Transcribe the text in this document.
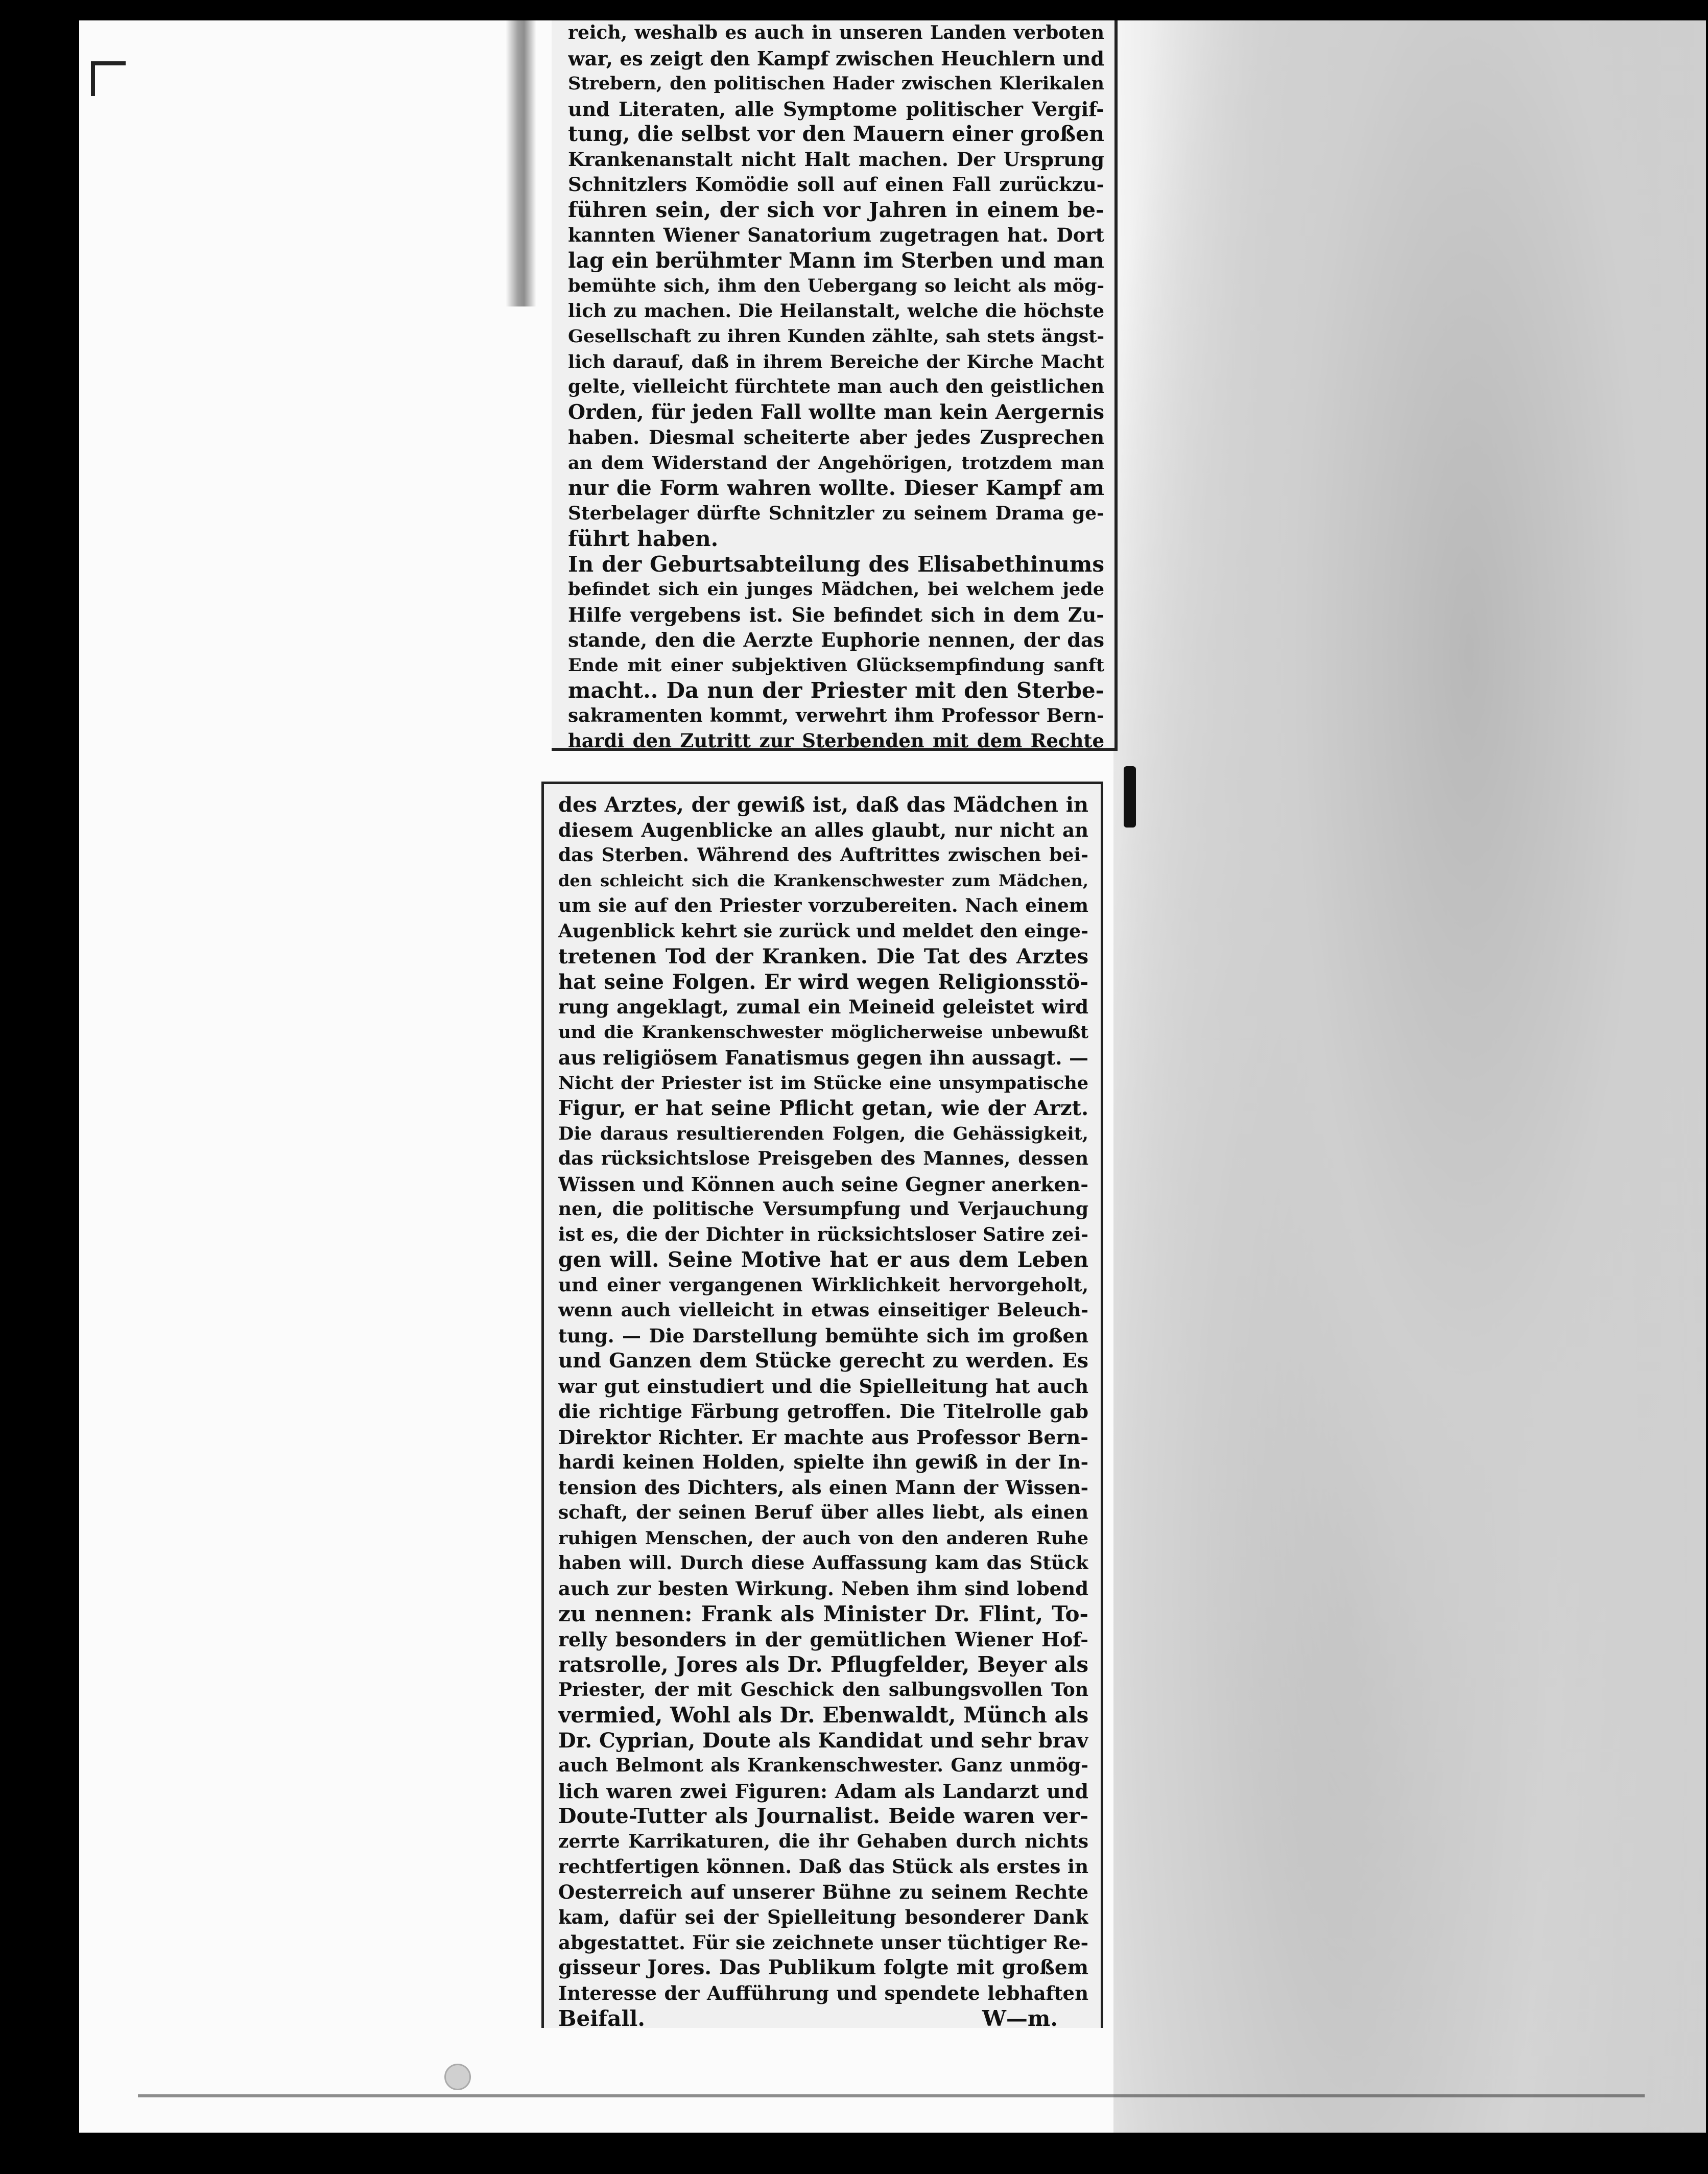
reich, weshalb es auch in unseren Landen verboten
war, es zeigt den Kampf zwischen Heuchlern und
Strebern, den politischen Hader zwischen Klerikalen
und Literaten, alle Symptome politischer Vergif-
tung, die selbst vor den Mauern einer großen
Krankenanstalt nicht Halt machen. Der Ursprung
Schnitzlers Komödie soll auf einen Fall zurückzu-
führen sein, der sich vor Jahren in einem be-
kannten Wiener Sanatorium zugetragen hat. Dort
lag ein berühmter Mann im Sterben und man
bemühte sich, ihm den Uebergang so leicht als mög-
lich zu machen. Die Heilanstalt, welche die höchste
Gesellschaft zu ihren Kunden zählte, sah stets ängst-
lich darauf, daß in ihrem Bereiche der Kirche Macht
gelte, vielleicht fürchtete man auch den geistlichen
Orden, für jeden Fall wollte man kein Aergernis
haben. Diesmal scheiterte aber jedes Zusprechen
an dem Widerstand der Angehörigen, trotzdem man
nur die Form wahren wollte. Dieser Kampf am
Sterbelager dürfte Schnitzler zu seinem Drama ge-
führt haben.
In der Geburtsabteilung des Elisabethinums
befindet sich ein junges Mädchen, bei welchem jede
Hilfe vergebens ist. Sie befindet sich in dem Zu-
stande, den die Aerzte Euphorie nennen, der das
Ende mit einer subjektiven Glücksempfindung sanft
macht.. Da nun der Priester mit den Sterbe-
sakramenten kommt, verwehrt ihm Professor Bern-
hardi den Zutritt zur Sterbenden mit dem Rechte
des Arztes, der gewiß ist, daß das Mädchen in
diesem Augenblicke an alles glaubt, nur nicht an
das Sterben. Während des Auftrittes zwischen bei-
den schleicht sich die Krankenschwester zum Mädchen,
um sie auf den Priester vorzubereiten. Nach einem
Augenblick kehrt sie zurück und meldet den einge-
tretenen Tod der Kranken. Die Tat des Arztes
hat seine Folgen. Er wird wegen Religionsstö-
rung angeklagt, zumal ein Meineid geleistet wird
und die Krankenschwester möglicherweise unbewußt
aus religiösem Fanatismus gegen ihn aussagt. —
Nicht der Priester ist im Stücke eine unsympatische
Figur, er hat seine Pflicht getan, wie der Arzt.
Die daraus resultierenden Folgen, die Gehässigkeit,
das rücksichtslose Preisgeben des Mannes, dessen
Wissen und Können auch seine Gegner anerken-
nen, die politische Versumpfung und Verjauchung
ist es, die der Dichter in rücksichtsloser Satire zei-
gen will. Seine Motive hat er aus dem Leben
und einer vergangenen Wirklichkeit hervorgeholt,
wenn auch vielleicht in etwas einseitiger Beleuch-
tung. — Die Darstellung bemühte sich im großen
und Ganzen dem Stücke gerecht zu werden. Es
war gut einstudiert und die Spielleitung hat auch
die richtige Färbung getroffen. Die Titelrolle gab
Direktor Richter. Er machte aus Professor Bern-
hardi keinen Holden, spielte ihn gewiß in der In-
tension des Dichters, als einen Mann der Wissen-
schaft, der seinen Beruf über alles liebt, als einen
ruhigen Menschen, der auch von den anderen Ruhe
haben will. Durch diese Auffassung kam das Stück
auch zur besten Wirkung. Neben ihm sind lobend
zu nennen: Frank als Minister Dr. Flint, To-
relly besonders in der gemütlichen Wiener Hof-
ratsrolle, Jores als Dr. Pflugfelder, Beyer als
Priester, der mit Geschick den salbungsvollen Ton
vermied, Wohl als Dr. Ebenwaldt, Münch als
Dr. Cyprian, Doute als Kandidat und sehr brav
auch Belmont als Krankenschwester. Ganz unmög-
lich waren zwei Figuren: Adam als Landarzt und
Doute-Tutter als Journalist. Beide waren ver-
zerrte Karrikaturen, die ihr Gehaben durch nichts
rechtfertigen können. Daß das Stück als erstes in
Oesterreich auf unserer Bühne zu seinem Rechte
kam, dafür sei der Spielleitung besonderer Dank
abgestattet. Für sie zeichnete unser tüchtiger Re-
gisseur Jores. Das Publikum folgte mit großem
Interesse der Aufführung und spendete lebhaften
Beifall.	W—m.
